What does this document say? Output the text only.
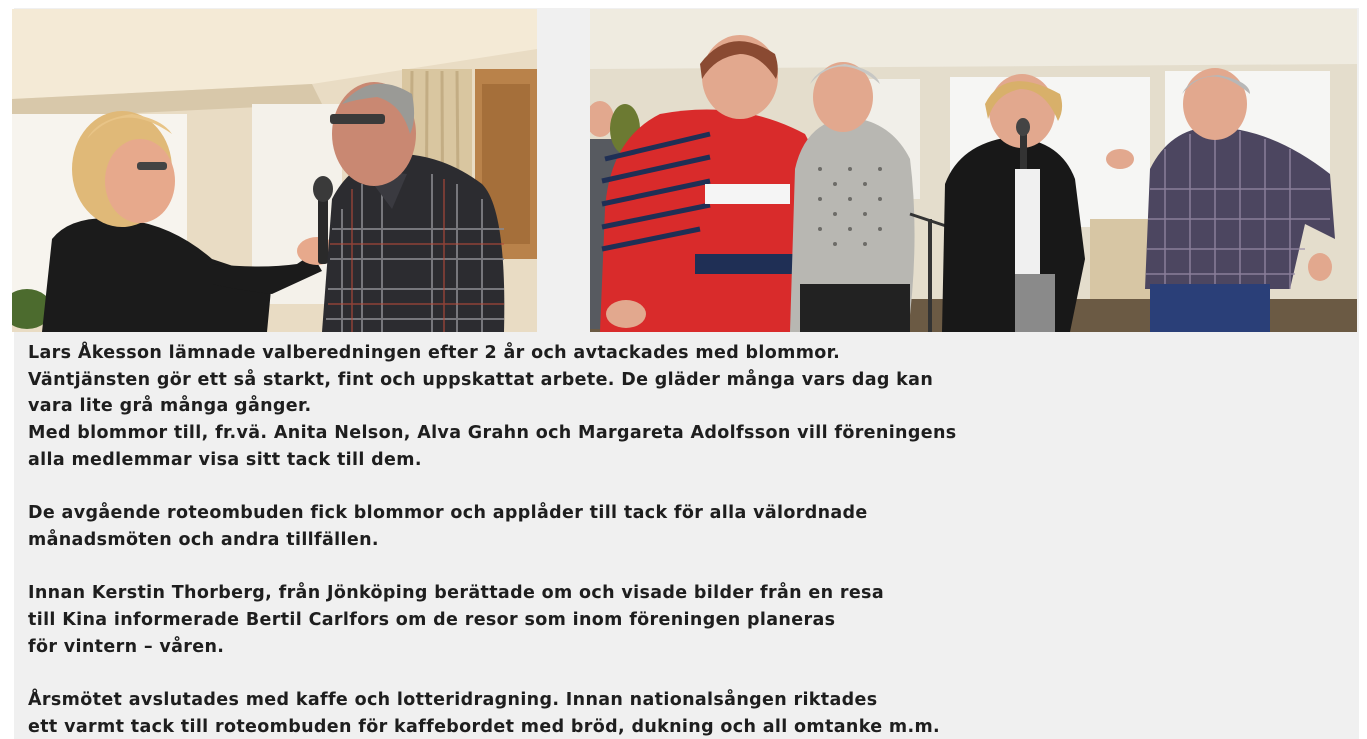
Lars Åkesson lämnade valberedningen efter 2 år och avtackades med blommor.
Väntjänsten gör ett så starkt, fint och uppskattat arbete. De gläder många vars dag kan
vara lite grå många gånger.
Med blommor till, fr.vä. Anita Nelson, Alva Grahn och Margareta Adolfsson vill föreningens
alla medlemmar visa sitt tack till dem.

De avgående roteombuden fick blommor och applåder till tack för alla välordnade
månadsmöten och andra tillfällen.

Innan Kerstin Thorberg, från Jönköping berättade om och visade bilder från en resa
till Kina informerade Bertil Carlfors om de resor som inom föreningen planeras
för vintern – våren.

Årsmötet avslutades med kaffe och lotteridragning. Innan nationalsången riktades
ett varmt tack till roteombuden för kaffebordet med bröd, dukning och all omtanke m.m.
